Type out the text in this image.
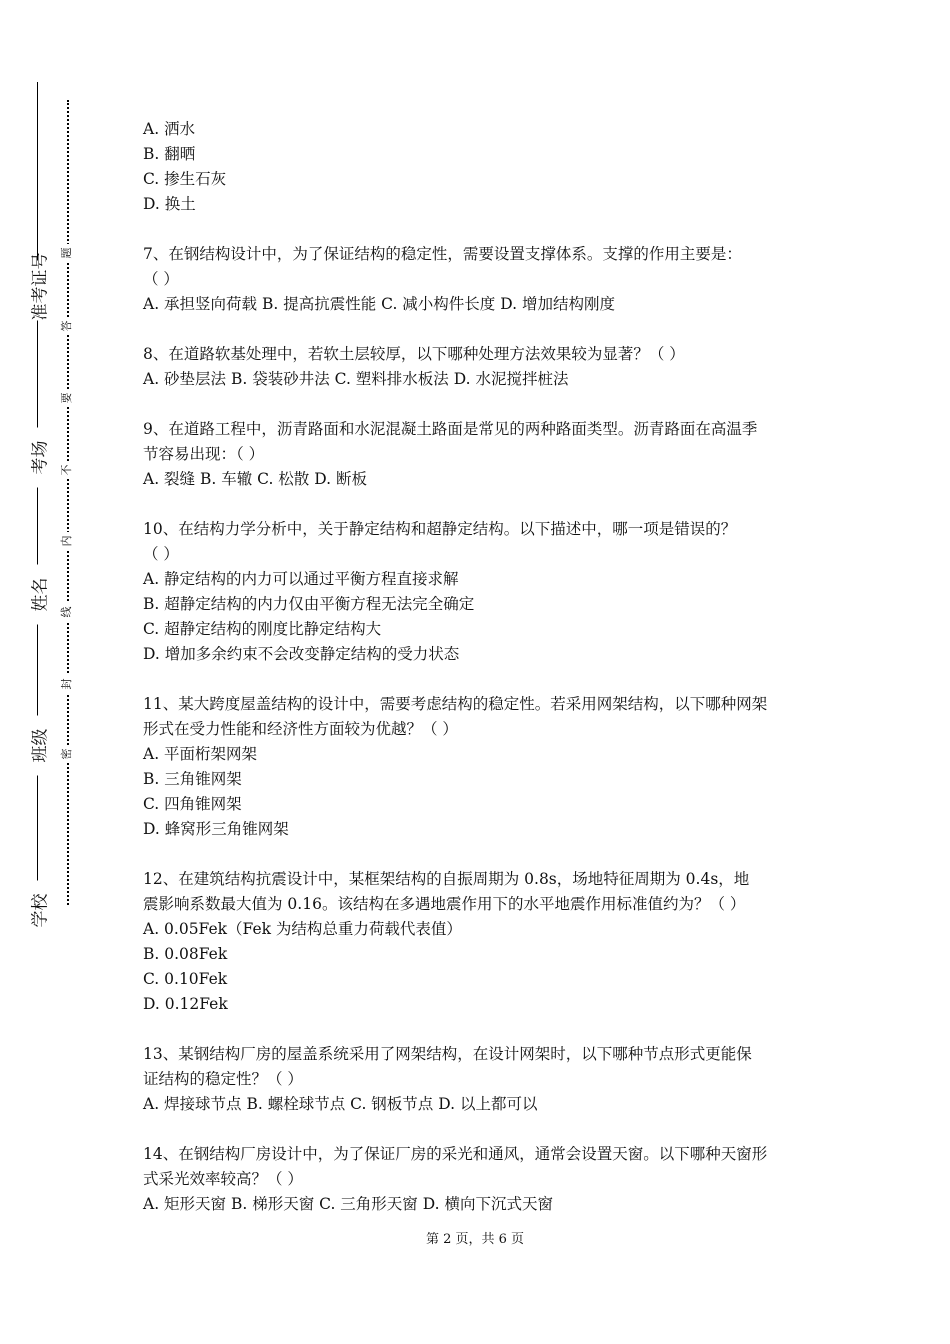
准考证号
考场
姓名
班级
学校
密
封
线
内
不
要
答
题
A. 洒水
B. 翻晒
C. 掺生石灰
D. 换土
7、在钢结构设计中，为了保证结构的稳定性，需要设置支撑体系。支撑的作用主要是：
（ ）
A. 承担竖向荷载 B. 提高抗震性能 C. 减小构件长度 D. 增加结构刚度
8、在道路软基处理中，若软土层较厚，以下哪种处理方法效果较为显著？（ ）
A. 砂垫层法 B. 袋装砂井法 C. 塑料排水板法 D. 水泥搅拌桩法
9、在道路工程中，沥青路面和水泥混凝土路面是常见的两种路面类型。沥青路面在高温季
节容易出现：（ ）
A. 裂缝 B. 车辙 C. 松散 D. 断板
10、在结构力学分析中，关于静定结构和超静定结构。以下描述中，哪一项是错误的？
（ ）
A. 静定结构的内力可以通过平衡方程直接求解
B. 超静定结构的内力仅由平衡方程无法完全确定
C. 超静定结构的刚度比静定结构大
D. 增加多余约束不会改变静定结构的受力状态
11、某大跨度屋盖结构的设计中，需要考虑结构的稳定性。若采用网架结构，以下哪种网架
形式在受力性能和经济性方面较为优越？（ ）
A. 平面桁架网架
B. 三角锥网架
C. 四角锥网架
D. 蜂窝形三角锥网架
12、在建筑结构抗震设计中，某框架结构的自振周期为 0.8s，场地特征周期为 0.4s，地
震影响系数最大值为 0.16。该结构在多遇地震作用下的水平地震作用标准值约为？（ ）
A. 0.05Fek（Fek 为结构总重力荷载代表值）
B. 0.08Fek
C. 0.10Fek
D. 0.12Fek
13、某钢结构厂房的屋盖系统采用了网架结构，在设计网架时，以下哪种节点形式更能保
证结构的稳定性？（ ）
A. 焊接球节点 B. 螺栓球节点 C. 钢板节点 D. 以上都可以
14、在钢结构厂房设计中，为了保证厂房的采光和通风，通常会设置天窗。以下哪种天窗形
式采光效率较高？（ ）
A. 矩形天窗 B. 梯形天窗 C. 三角形天窗 D. 横向下沉式天窗
第 2 页，共 6 页
